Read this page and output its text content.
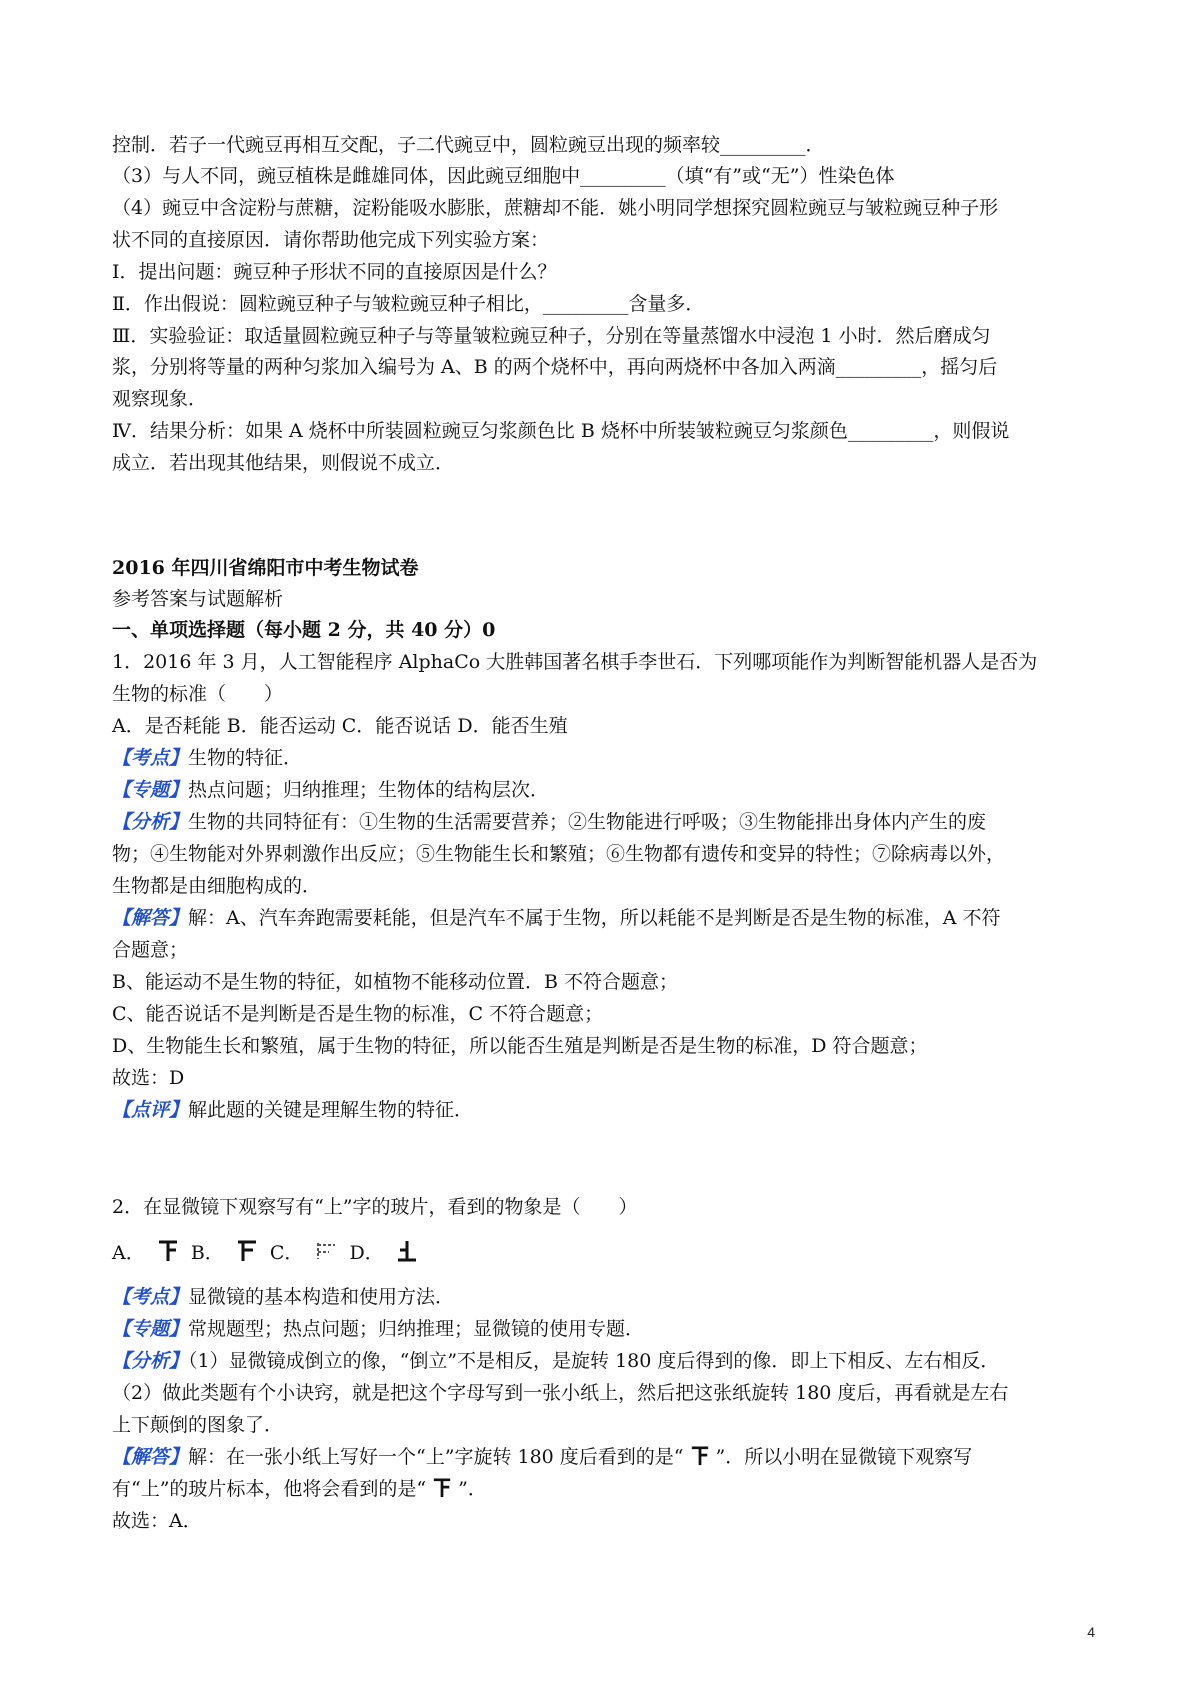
控制．若子一代豌豆再相互交配，子二代豌豆中，圆粒豌豆出现的频率较_________．
（3）与人不同，豌豆植株是雌雄同体，因此豌豆细胞中_________（填“有”或“无”）性染色体
（4）豌豆中含淀粉与蔗糖，淀粉能吸水膨胀，蔗糖却不能．姚小明同学想探究圆粒豌豆与皱粒豌豆种子形
状不同的直接原因．请你帮助他完成下列实验方案：
Ⅰ．提出问题：豌豆种子形状不同的直接原因是什么？
Ⅱ．作出假说：圆粒豌豆种子与皱粒豌豆种子相比，_________含量多．
Ⅲ．实验验证：取适量圆粒豌豆种子与等量皱粒豌豆种子，分别在等量蒸馏水中浸泡 1 小时．然后磨成匀
浆，分别将等量的两种匀浆加入编号为 A、B 的两个烧杯中，再向两烧杯中各加入两滴_________，摇匀后
观察现象．
Ⅳ．结果分析：如果 A 烧杯中所装圆粒豌豆匀浆颜色比 B 烧杯中所装皱粒豌豆匀浆颜色_________，则假说
成立．若出现其他结果，则假说不成立．
2016 年四川省绵阳市中考生物试卷
参考答案与试题解析
一、单项选择题（每小题 2 分，共 40 分）0
1．2016 年 3 月，人工智能程序 AlphaCo 大胜韩国著名棋手李世石．下列哪项能作为判断智能机器人是否为
生物的标准（　　）
A．是否耗能 B．能否运动 C．能否说话 D．能否生殖
【考点】生物的特征．
【专题】热点问题；归纳推理；生物体的结构层次．
【分析】生物的共同特征有：①生物的生活需要营养；②生物能进行呼吸；③生物能排出身体内产生的废
物；④生物能对外界刺激作出反应；⑤生物能生长和繁殖；⑥生物都有遗传和变异的特性；⑦除病毒以外，
生物都是由细胞构成的．
【解答】解：A、汽车奔跑需要耗能，但是汽车不属于生物，所以耗能不是判断是否是生物的标准，A 不符
合题意；
B、能运动不是生物的特征，如植物不能移动位置．B 不符合题意；
C、能否说话不是判断是否是生物的标准，C 不符合题意；
D、生物能生长和繁殖，属于生物的特征，所以能否生殖是判断是否是生物的标准，D 符合题意；
故选：D
【点评】解此题的关键是理解生物的特征．
2．在显微镜下观察写有“上”字的玻片，看到的物象是（　　）
A． B． C． D．
【考点】显微镜的基本构造和使用方法．
【专题】常规题型；热点问题；归纳推理；显微镜的使用专题．
【分析】（1）显微镜成倒立的像，“倒立”不是相反，是旋转 180 度后得到的像．即上下相反、左右相反．
（2）做此类题有个小诀窍，就是把这个字母写到一张小纸上，然后把这张纸旋转 180 度后，再看就是左右
上下颠倒的图象了．
【解答】解：在一张小纸上写好一个“上”字旋转 180 度后看到的是“ ”．所以小明在显微镜下观察写
有“上”的玻片标本，他将会看到的是“ ”．
故选：A．
4
